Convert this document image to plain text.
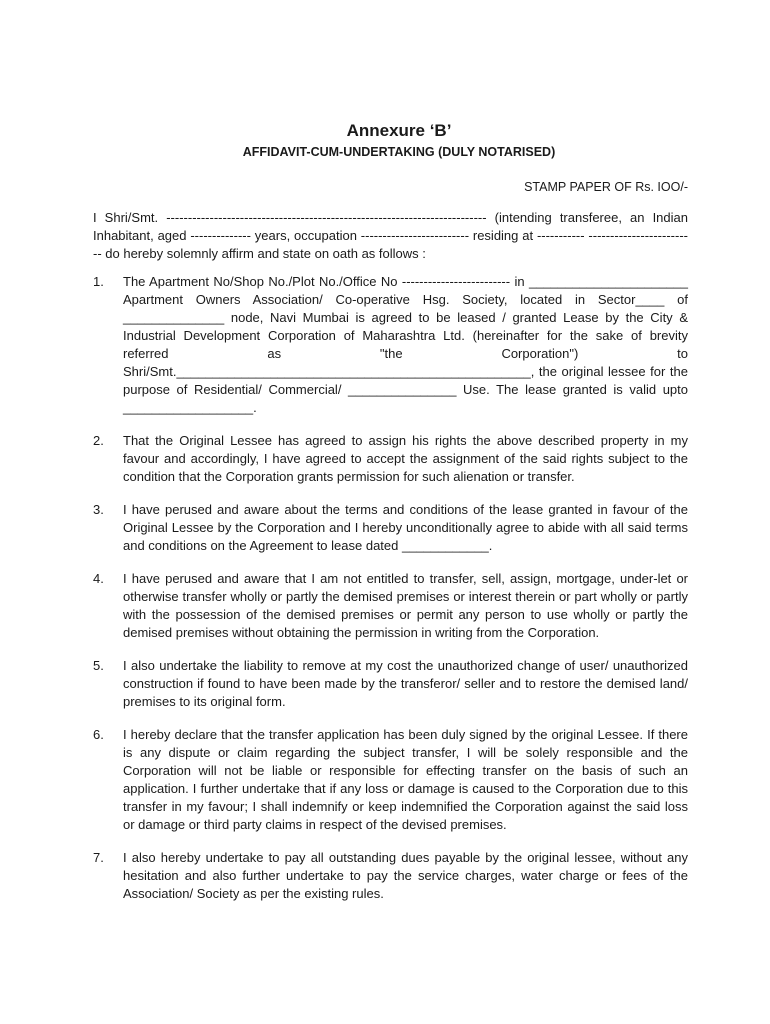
Annexure ‘B’
AFFIDAVIT-CUM-UNDERTAKING (DULY NOTARISED)

STAMP PAPER OF Rs. IOO/-

I Shri/Smt. -------------------------------------------------------------------------- (intending transferee, an Indian Inhabitant, aged -------------- years, occupation ------------------------- residing at ----------- ------------------------- do hereby solemnly affirm and state on oath as follows :

1. The Apartment No/Shop No./Plot No./Office No ------------------------- in ______________________ Apartment Owners Association/ Co-operative Hsg. Society, located in Sector____ of ______________ node, Navi Mumbai is agreed to be leased / granted Lease by the City & Industrial Development Corporation of Maharashtra Ltd. (hereinafter for the sake of brevity referred as "the Corporation") to Shri/Smt._________________________________________________, the original lessee for the purpose of Residential/ Commercial/ _______________ Use. The lease granted is valid upto __________________.
2. That the Original Lessee has agreed to assign his rights the above described property in my favour and accordingly, I have agreed to accept the assignment of the said rights subject to the condition that the Corporation grants permission for such alienation or transfer.
3. I have perused and aware about the terms and conditions of the lease granted in favour of the Original Lessee by the Corporation and I hereby unconditionally agree to abide with all said terms and conditions on the Agreement to lease dated ____________.
4. I have perused and aware that I am not entitled to transfer, sell, assign, mortgage, under-let or otherwise transfer wholly or partly the demised premises or interest therein or part wholly or partly with the possession of the demised premises or permit any person to use wholly or partly the demised premises without obtaining the permission in writing from the Corporation.
5. I also undertake the liability to remove at my cost the unauthorized change of user/ unauthorized construction if found to have been made by the transferor/ seller and to restore the demised land/ premises to its original form.
6. I hereby declare that the transfer application has been duly signed by the original Lessee. If there is any dispute or claim regarding the subject transfer, I will be solely responsible and the Corporation will not be liable or responsible for effecting transfer on the basis of such an application. I further undertake that if any loss or damage is caused to the Corporation due to this transfer in my favour; I shall indemnify or keep indemnified the Corporation against the said loss or damage or third party claims in respect of the devised premises.
7. I also hereby undertake to pay all outstanding dues payable by the original lessee, without any hesitation and also further undertake to pay the service charges, water charge or fees of the Association/ Society as per the existing rules.
